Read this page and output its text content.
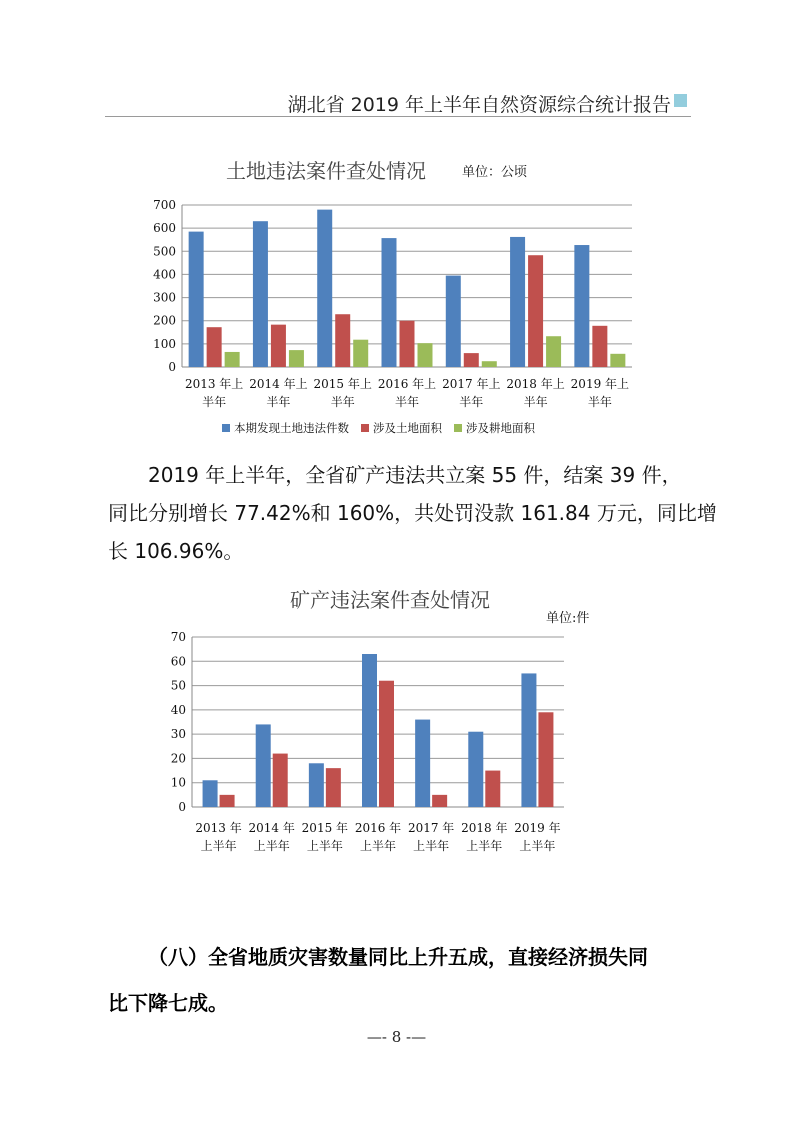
湖北省 2019 年上半年自然资源综合统计报告
土地违法案件查处情况	单位：公顷
0
100
200
300
400
500
600
700
2013 年上
半年
2014 年上
半年
2015 年上
半年
2016 年上
半年
2017 年上
半年
2018 年上
半年
2019 年上
半年
本期发现土地违法件数 涉及土地面积 涉及耕地面积

2019 年上半年，全省矿产违法共立案 55 件，结案 39 件，

同比分别增长 77.42%和 160%，共处罚没款 161.84 万元，同比增

长 106.96%。

矿产违法案件查处情况
单位:件
0
10
20
30
40
50
60
70
2013 年
上半年
2014 年
上半年
2015 年
上半年
2016 年
上半年
2017 年
上半年
2018 年
上半年
2019 年
上半年

（八）全省地质灾害数量同比上升五成，直接经济损失同

比下降七成。

—- 8 -—
